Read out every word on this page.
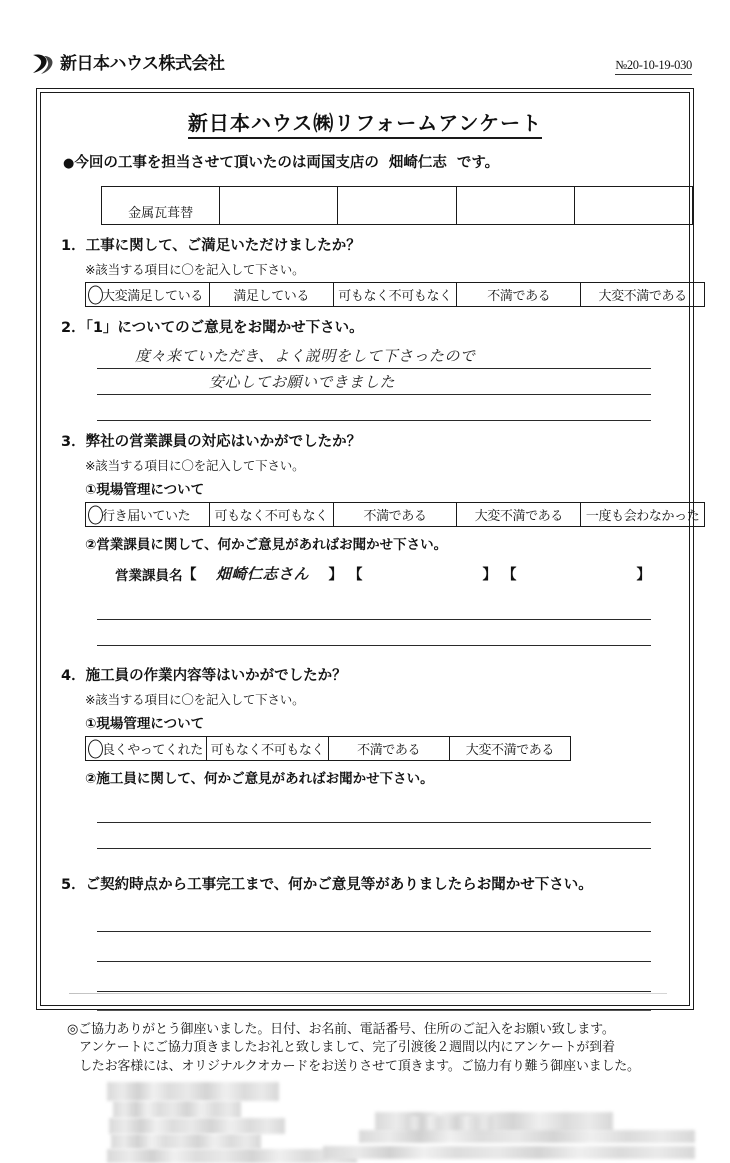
新日本ハウス株式会社	№20-10-19-030
新日本ハウス㈱リフォームアンケート
●今回の工事を担当させて頂いたのは両国支店の 畑崎仁志 です。
金属瓦葺替				
1．工事に関して、ご満足いただけましたか？
※該当する項目に〇を記入して下さい。
大変満足している	満足している	可もなく不可もなく	不満である	大変不満である
2．「1」についてのご意見をお聞かせ下さい。
度々来ていただき、よく説明をして下さったので
安心してお願いできました
3．弊社の営業課員の対応はいかがでしたか？
※該当する項目に〇を記入して下さい。
①現場管理について
行き届いていた	可もなく不可もなく	不満である	大変不満である	一度も会わなかった
②営業課員に関して、何かご意見があればお聞かせ下さい。
営業課員名 【	畑崎仁志さん	】 【	】 【	】
4．施工員の作業内容等はいかがでしたか？
※該当する項目に〇を記入して下さい。
①現場管理について
良くやってくれた	可もなく不可もなく	不満である	大変不満である
②施工員に関して、何かご意見があればお聞かせ下さい。
5．ご契約時点から工事完工まで、何かご意見等がありましたらお聞かせ下さい。
◎ご協力ありがとう御座いました。日付、お名前、電話番号、住所のご記入をお願い致します。
アンケートにご協力頂きましたお礼と致しまして、完了引渡後２週間以内にアンケートが到着
したお客様には、オリジナルクオカードをお送りさせて頂きます。ご協力有り難う御座いました。
